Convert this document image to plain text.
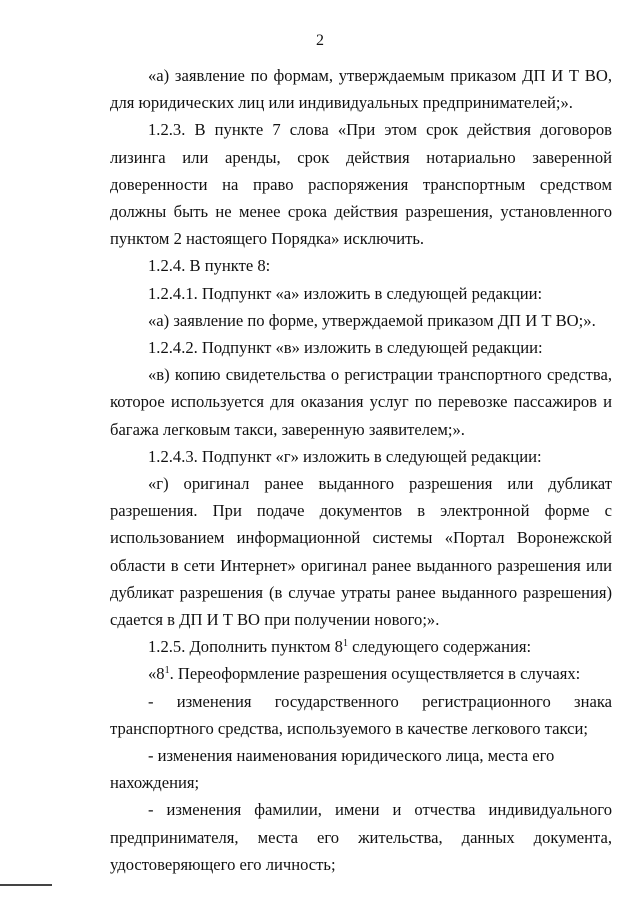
2

«а) заявление по формам, утверждаемым приказом ДП И Т ВО, для юридических лиц или индивидуальных предпринимателей;».

1.2.3. В пункте 7 слова «При этом срок действия договоров лизинга или аренды, срок действия нотариально заверенной доверенности на право распоряжения транспортным средством должны быть не менее срока действия разрешения, установленного пунктом 2 настоящего Порядка» исключить.

1.2.4. В пункте 8:

1.2.4.1. Подпункт «а» изложить в следующей редакции:

«а) заявление по форме, утверждаемой приказом ДП И Т ВО;».

1.2.4.2. Подпункт «в» изложить в следующей редакции:

«в) копию свидетельства о регистрации транспортного средства, которое используется для оказания услуг по перевозке пассажиров и багажа легковым такси, заверенную заявителем;».

1.2.4.3. Подпункт «г» изложить в следующей редакции:

«г) оригинал ранее выданного разрешения или дубликат разрешения. При подаче документов в электронной форме с использованием информационной системы «Портал Воронежской области в сети Интернет» оригинал ранее выданного разрешения или дубликат разрешения (в случае утраты ранее выданного разрешения) сдается в ДП И Т ВО при получении нового;».

1.2.5. Дополнить пунктом $8^1$ следующего содержания:

«$8^1$. Переоформление разрешения осуществляется в случаях:

- изменения государственного регистрационного знака транспортного средства, используемого в качестве легкового такси;

- изменения наименования юридического лица, места его нахождения;

- изменения фамилии, имени и отчества индивидуального предпринимателя, места его жительства, данных документа, удостоверяющего его личность;
